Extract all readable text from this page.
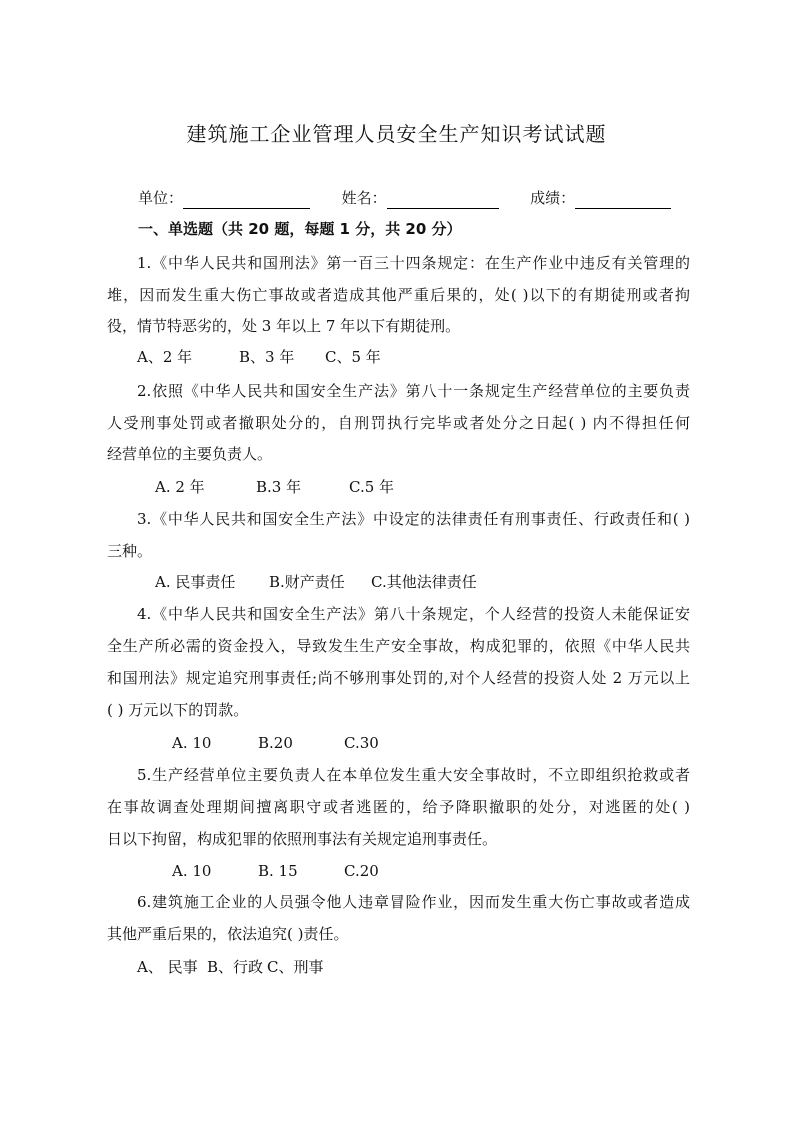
建筑施工企业管理人员安全生产知识考试试题
单位：	姓名：	成绩：
一、单选题（共 20 题，每题 1 分，共 20 分）
1.《中华人民共和国刑法》第一百三十四条规定：在生产作业中违反有关管理的
堆，因而发生重大伤亡事故或者造成其他严重后果的，处( )以下的有期徒刑或者拘
役，情节特恶劣的，处 3 年以上 7 年以下有期徒刑。
A、2 年	B、3 年 C、5 年
2.依照《中华人民共和国安全生产法》第八十一条规定生产经营单位的主要负责
人受刑事处罚或者撤职处分的，自刑罚执行完毕或者处分之日起( ) 内不得担任何
经营单位的主要负责人。
A. 2 年	B.3 年	C.5 年
3.《中华人民共和国安全生产法》中设定的法律责任有刑事责任、行政责任和( )
三种。
A. 民事责任 B.财产责任 C.其他法律责任
4.《中华人民共和国安全生产法》第八十条规定，个人经营的投资人未能保证安
全生产所必需的资金投入，导致发生生产安全事故，构成犯罪的，依照《中华人民共
和国刑法》规定追究刑事责任;尚不够刑事处罚的,对个人经营的投资人处 2 万元以上
( ) 万元以下的罚款。
A. 10	B.20	C.30
5.生产经营单位主要负责人在本单位发生重大安全事故时，不立即组织抢救或者
在事故调查处理期间擅离职守或者逃匿的，给予降职撤职的处分，对逃匿的处( )
日以下拘留，构成犯罪的依照刑事法有关规定追刑事责任。
A. 10	B. 15	C.20
6.建筑施工企业的人员强令他人违章冒险作业，因而发生重大伤亡事故或者造成
其他严重后果的，依法追究( )责任。
A、 民事 B、行政 C、刑事
